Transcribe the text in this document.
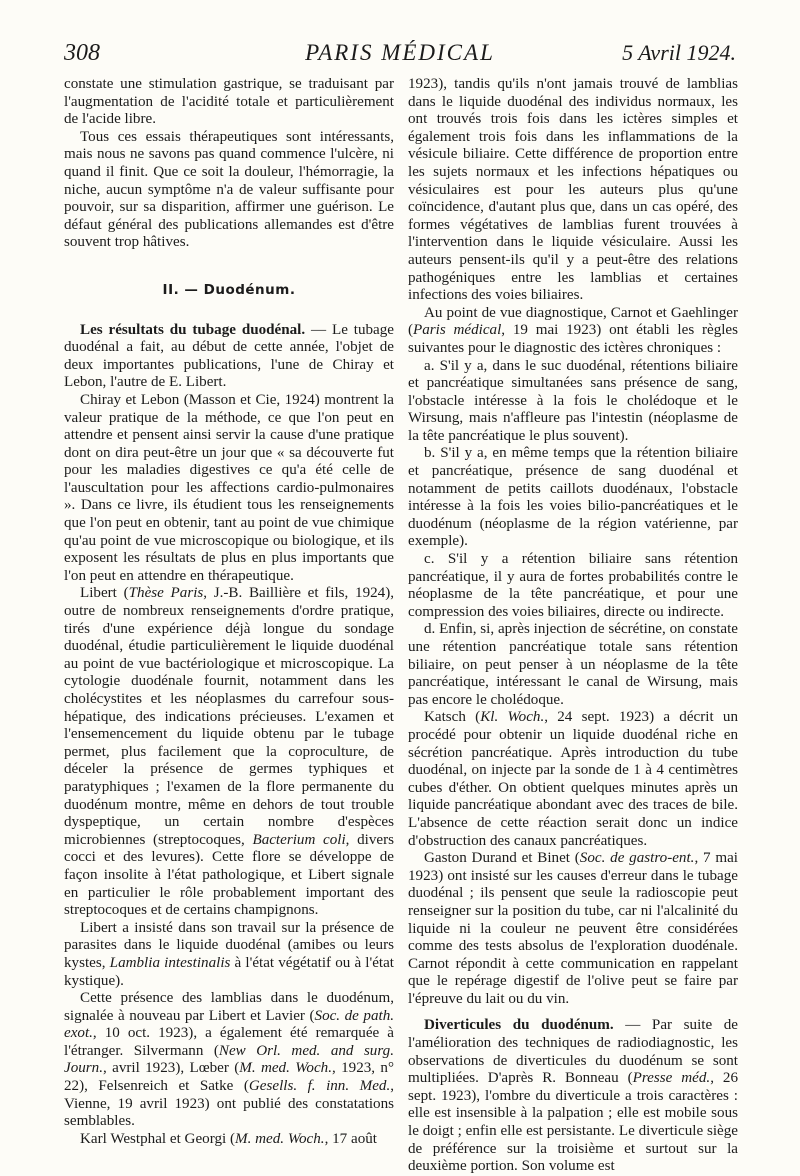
308	PARIS MÉDICAL	5 Avril 1924.

constate une stimulation gastrique, se traduisant par l'augmentation de l'acidité totale et particulièrement de l'acide libre.

Tous ces essais thérapeutiques sont intéressants, mais nous ne savons pas quand commence l'ulcère, ni quand il finit. Que ce soit la douleur, l'hémorragie, la niche, aucun symptôme n'a de valeur suffisante pour pouvoir, sur sa disparition, affirmer une guérison. Le défaut général des publications allemandes est d'être souvent trop hâtives.

II. — Duodénum.

Les résultats du tubage duodénal. — Le tubage duodénal a fait, au début de cette année, l'objet de deux importantes publications, l'une de Chiray et Lebon, l'autre de E. Libert.

Chiray et Lebon (Masson et Cie, 1924) montrent la valeur pratique de la méthode, ce que l'on peut en attendre et pensent ainsi servir la cause d'une pratique dont on dira peut-être un jour que « sa découverte fut pour les maladies digestives ce qu'a été celle de l'auscultation pour les affections cardio-pulmonaires ». Dans ce livre, ils étudient tous les renseignements que l'on peut en obtenir, tant au point de vue chimique qu'au point de vue microscopique ou biologique, et ils exposent les résultats de plus en plus importants que l'on peut en attendre en thérapeutique.

Libert (Thèse Paris, J.-B. Baillière et fils, 1924), outre de nombreux renseignements d'ordre pratique, tirés d'une expérience déjà longue du sondage duodénal, étudie particulièrement le liquide duodénal au point de vue bactériologique et microscopique. La cytologie duodénale fournit, notamment dans les cholécystites et les néoplasmes du carrefour sous-hépatique, des indications précieuses. L'examen et l'ensemencement du liquide obtenu par le tubage permet, plus facilement que la coproculture, de déceler la présence de germes typhiques et paratyphiques ; l'examen de la flore permanente du duodénum montre, même en dehors de tout trouble dyspeptique, un certain nombre d'espèces microbiennes (streptocoques, Bacterium coli, divers cocci et des levures). Cette flore se développe de façon insolite à l'état pathologique, et Libert signale en particulier le rôle probablement important des streptocoques et de certains champignons.

Libert a insisté dans son travail sur la présence de parasites dans le liquide duodénal (amibes ou leurs kystes, Lamblia intestinalis à l'état végétatif ou à l'état kystique).

Cette présence des lamblias dans le duodénum, signalée à nouveau par Libert et Lavier (Soc. de path. exot., 10 oct. 1923), a également été remarquée à l'étranger. Silvermann (New Orl. med. and surg. Journ., avril 1923), Lœber (M. med. Woch., 1923, n° 22), Felsenreich et Satke (Gesells. f. inn. Med., Vienne, 19 avril 1923) ont publié des constatations semblables.

Karl Westphal et Georgi (M. med. Woch., 17 août

1923), tandis qu'ils n'ont jamais trouvé de lamblias dans le liquide duodénal des individus normaux, les ont trouvés trois fois dans les ictères simples et également trois fois dans les inflammations de la vésicule biliaire. Cette différence de proportion entre les sujets normaux et les infections hépatiques ou vésiculaires est pour les auteurs plus qu'une coïncidence, d'autant plus que, dans un cas opéré, des formes végétatives de lamblias furent trouvées à l'intervention dans le liquide vésiculaire. Aussi les auteurs pensent-ils qu'il y a peut-être des relations pathogéniques entre les lamblias et certaines infections des voies biliaires.

Au point de vue diagnostique, Carnot et Gaehlinger (Paris médical, 19 mai 1923) ont établi les règles suivantes pour le diagnostic des ictères chroniques :

a. S'il y a, dans le suc duodénal, rétentions biliaire et pancréatique simultanées sans présence de sang, l'obstacle intéresse à la fois le cholédoque et le Wirsung, mais n'affleure pas l'intestin (néoplasme de la tête pancréatique le plus souvent).

b. S'il y a, en même temps que la rétention biliaire et pancréatique, présence de sang duodénal et notamment de petits caillots duodénaux, l'obstacle intéresse à la fois les voies bilio-pancréatiques et le duodénum (néoplasme de la région vatérienne, par exemple).

c. S'il y a rétention biliaire sans rétention pancréatique, il y aura de fortes probabilités contre le néoplasme de la tête pancréatique, et pour une compression des voies biliaires, directe ou indirecte.

d. Enfin, si, après injection de sécrétine, on constate une rétention pancréatique totale sans rétention biliaire, on peut penser à un néoplasme de la tête pancréatique, intéressant le canal de Wirsung, mais pas encore le cholédoque.

Katsch (Kl. Woch., 24 sept. 1923) a décrit un procédé pour obtenir un liquide duodénal riche en sécrétion pancréatique. Après introduction du tube duodénal, on injecte par la sonde de 1 à 4 centimètres cubes d'éther. On obtient quelques minutes après un liquide pancréatique abondant avec des traces de bile. L'absence de cette réaction serait donc un indice d'obstruction des canaux pancréatiques.

Gaston Durand et Binet (Soc. de gastro-ent., 7 mai 1923) ont insisté sur les causes d'erreur dans le tubage duodénal ; ils pensent que seule la radioscopie peut renseigner sur la position du tube, car ni l'alcalinité du liquide ni la couleur ne peuvent être considérées comme des tests absolus de l'exploration duodénale. Carnot répondit à cette communication en rappelant que le repérage digestif de l'olive peut se faire par l'épreuve du lait ou du vin.

Diverticules du duodénum. — Par suite de l'amélioration des techniques de radiodiagnostic, les observations de diverticules du duodénum se sont multipliées. D'après R. Bonneau (Presse méd., 26 sept. 1923), l'ombre du diverticule a trois caractères : elle est insensible à la palpation ; elle est mobile sous le doigt ; enfin elle est persistante. Le diverticule siège de préférence sur la troisième et surtout sur la deuxième portion. Son volume est
